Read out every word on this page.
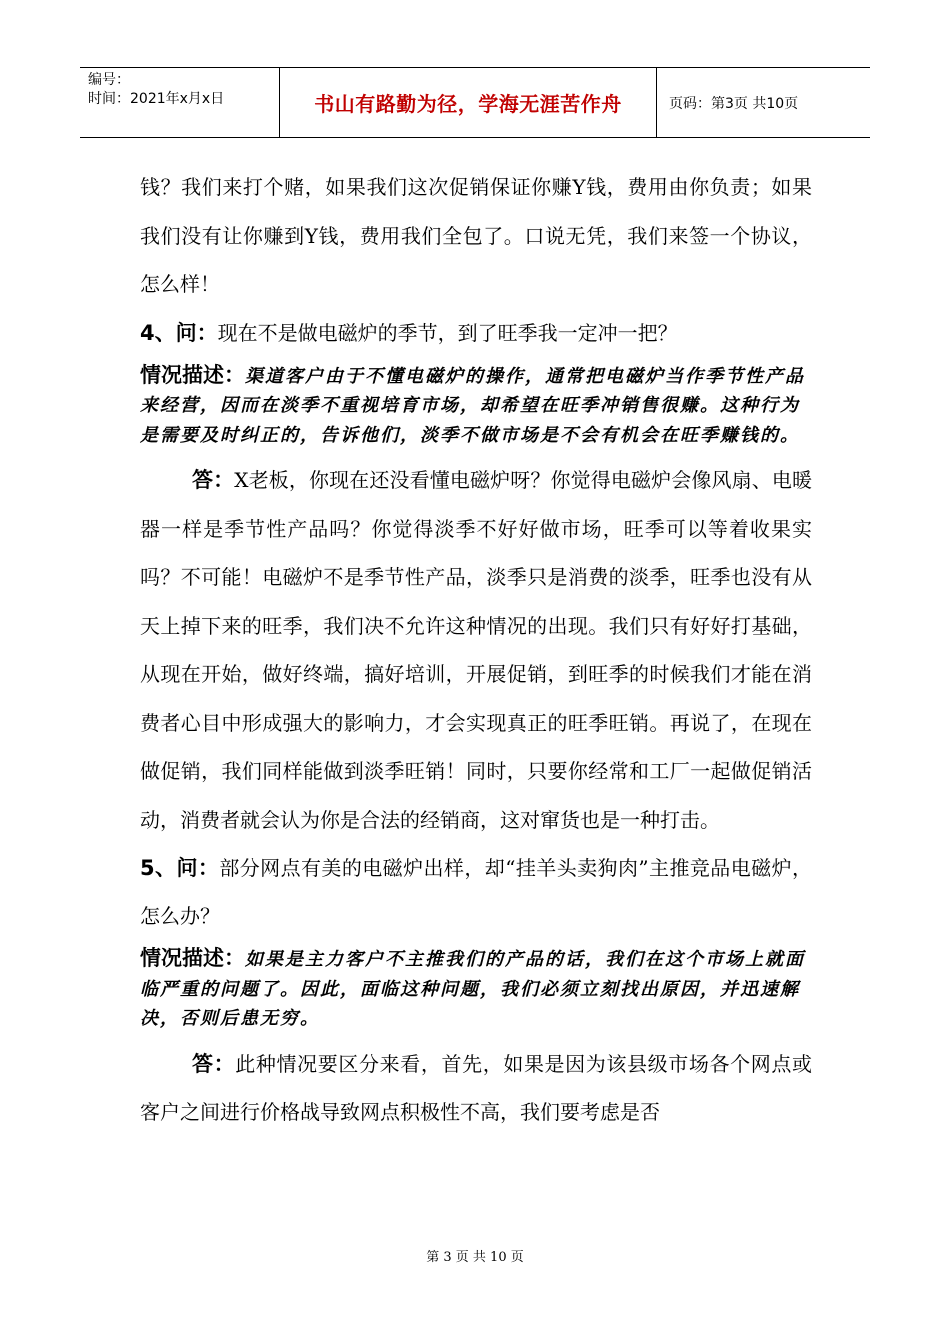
编号：
时间：2021年x月x日	书山有路勤为径，学海无涯苦作舟	页码：第3页 共10页

钱？我们来打个赌，如果我们这次促销保证你赚Y钱，费用由你负责；如果我们没有让你赚到Y钱，费用我们全包了。口说无凭，我们来签一个协议，怎么样！

4、问：现在不是做电磁炉的季节，到了旺季我一定冲一把？

情况描述：渠道客户由于不懂电磁炉的操作，通常把电磁炉当作季节性产品来经营，因而在淡季不重视培育市场，却希望在旺季冲销售很赚。这种行为是需要及时纠正的，告诉他们，淡季不做市场是不会有机会在旺季赚钱的。

答：X老板，你现在还没看懂电磁炉呀？你觉得电磁炉会像风扇、电暖器一样是季节性产品吗？你觉得淡季不好好做市场，旺季可以等着收果实吗？不可能！电磁炉不是季节性产品，淡季只是消费的淡季，旺季也没有从天上掉下来的旺季，我们决不允许这种情况的出现。我们只有好好打基础，从现在开始，做好终端，搞好培训，开展促销，到旺季的时候我们才能在消费者心目中形成强大的影响力，才会实现真正的旺季旺销。再说了，在现在做促销，我们同样能做到淡季旺销！同时，只要你经常和工厂一起做促销活动，消费者就会认为你是合法的经销商，这对窜货也是一种打击。

5、问：部分网点有美的电磁炉出样，却“挂羊头卖狗肉”主推竞品电磁炉，怎么办？

情况描述：如果是主力客户不主推我们的产品的话，我们在这个市场上就面临严重的问题了。因此，面临这种问题，我们必须立刻找出原因，并迅速解决，否则后患无穷。

答：此种情况要区分来看，首先，如果是因为该县级市场各个网点或客户之间进行价格战导致网点积极性不高，我们要考虑是否

第 3 页 共 10 页
